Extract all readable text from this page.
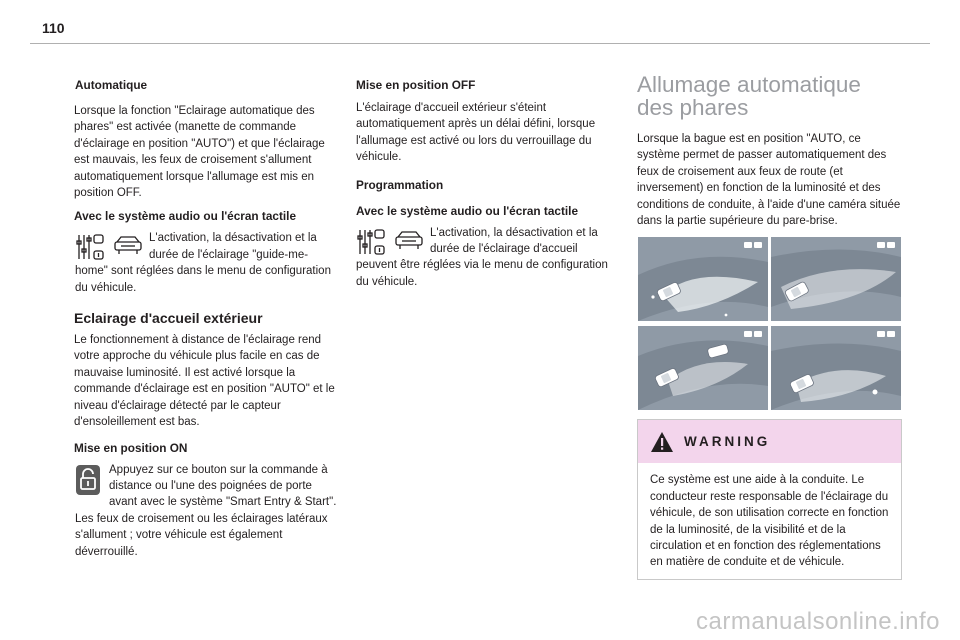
110
Automatique

Lorsque la fonction "Eclairage automatique des phares" est activée (manette de commande d'éclairage en position "AUTO") et que l'éclairage est mauvais, les feux de croisement s'allument automatiquement lorsque l'allumage est mis en position OFF.

Avec le système audio ou l'écran tactile

L'activation, la désactivation et la durée de l'éclairage "guide-me-home" sont réglées dans le menu de configuration du véhicule.

Eclairage d'accueil extérieur

Le fonctionnement à distance de l'éclairage rend votre approche du véhicule plus facile en cas de mauvaise luminosité. Il est activé lorsque la commande d'éclairage est en position "AUTO" et le niveau d'éclairage détecté par le capteur d'ensoleillement est bas.

Mise en position ON

Appuyez sur ce bouton sur la commande à distance ou l'une des poignées de porte avant avec le système "Smart Entry & Start". Les feux de croisement ou les éclairages latéraux s'allument ; votre véhicule est également déverrouillé.

Mise en position OFF

L'éclairage d'accueil extérieur s'éteint automatiquement après un délai défini, lorsque l'allumage est activé ou lors du verrouillage du véhicule.

Programmation
Avec le système audio ou l'écran tactile

L'activation, la désactivation et la durée de l'éclairage d'accueil peuvent être réglées via le menu de configuration du véhicule.

Allumage automatique
des phares

Lorsque la bague est en position "AUTO, ce système permet de passer automatiquement des feux de croisement aux feux de route (et inversement) en fonction de la luminosité et des conditions de conduite, à l'aide d'une caméra située dans la partie supérieure du pare-brise.

WARNING

Ce système est une aide à la conduite. Le conducteur reste responsable de l'éclairage du véhicule, de son utilisation correcte en fonction de la luminosité, de la visibilité et de la circulation et en fonction des réglementations en matière de conduite et de véhicule.

carmanualsonline.info
